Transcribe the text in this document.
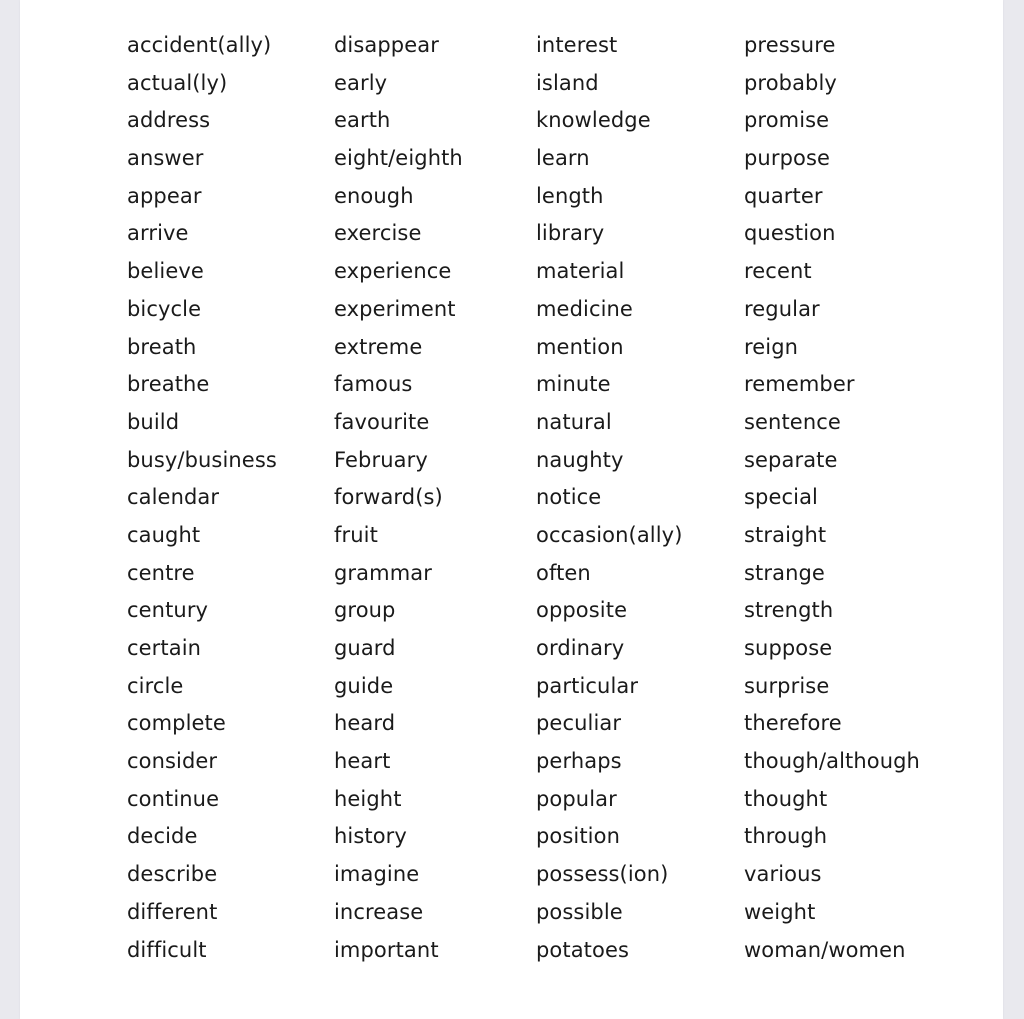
accident(ally)
actual(ly)
address
answer
appear
arrive
believe
bicycle
breath
breathe
build
busy/business
calendar
caught
centre
century
certain
circle
complete
consider
continue
decide
describe
different
difficult
disappear
early
earth
eight/eighth
enough
exercise
experience
experiment
extreme
famous
favourite
February
forward(s)
fruit
grammar
group
guard
guide
heard
heart
height
history
imagine
increase
important
interest
island
knowledge
learn
length
library
material
medicine
mention
minute
natural
naughty
notice
occasion(ally)
often
opposite
ordinary
particular
peculiar
perhaps
popular
position
possess(ion)
possible
potatoes
pressure
probably
promise
purpose
quarter
question
recent
regular
reign
remember
sentence
separate
special
straight
strange
strength
suppose
surprise
therefore
though/although
thought
through
various
weight
woman/women
